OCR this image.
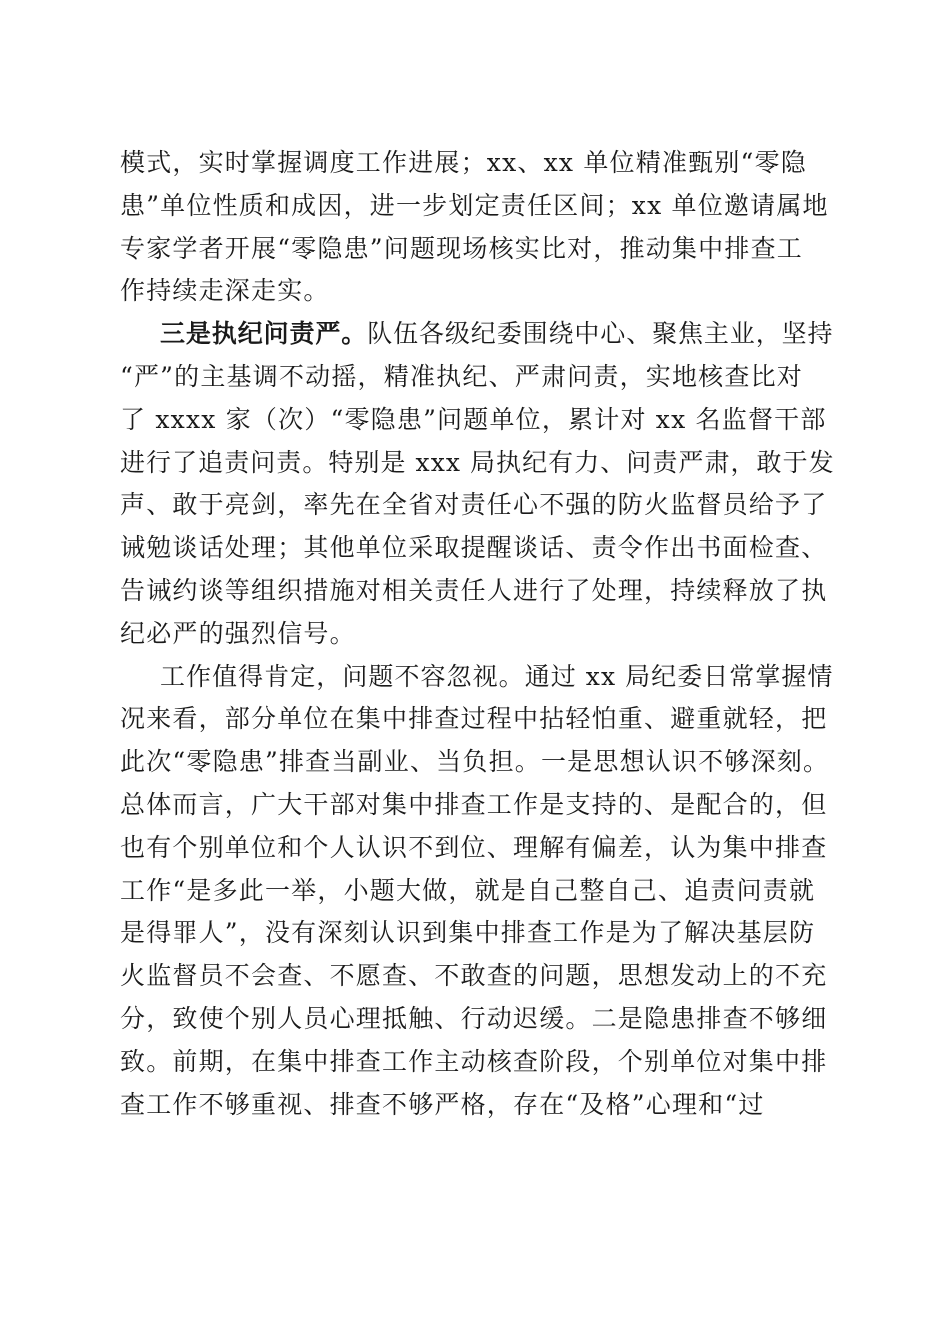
模式，实时掌握调度工作进展；xx、xx 单位精准甄别“零隐
患”单位性质和成因，进一步划定责任区间；xx 单位邀请属地
专家学者开展“零隐患”问题现场核实比对，推动集中排查工
作持续走深走实。
三是执纪问责严。队伍各级纪委围绕中心、聚焦主业，坚持
“严”的主基调不动摇，精准执纪、严肃问责，实地核查比对
了 xxxx 家（次）“零隐患”问题单位，累计对 xx 名监督干部
进行了追责问责。特别是 xxx 局执纪有力、问责严肃，敢于发
声、敢于亮剑，率先在全省对责任心不强的防火监督员给予了
诫勉谈话处理；其他单位采取提醒谈话、责令作出书面检查、
告诫约谈等组织措施对相关责任人进行了处理，持续释放了执
纪必严的强烈信号。
工作值得肯定，问题不容忽视。通过 xx 局纪委日常掌握情
况来看，部分单位在集中排查过程中拈轻怕重、避重就轻，把
此次“零隐患”排查当副业、当负担。一是思想认识不够深刻。
总体而言，广大干部对集中排查工作是支持的、是配合的，但
也有个别单位和个人认识不到位、理解有偏差，认为集中排查
工作“是多此一举，小题大做，就是自己整自己、追责问责就
是得罪人”，没有深刻认识到集中排查工作是为了解决基层防
火监督员不会查、不愿查、不敢查的问题，思想发动上的不充
分，致使个别人员心理抵触、行动迟缓。二是隐患排查不够细
致。前期，在集中排查工作主动核查阶段，个别单位对集中排
查工作不够重视、排查不够严格，存在“及格”心理和“过
